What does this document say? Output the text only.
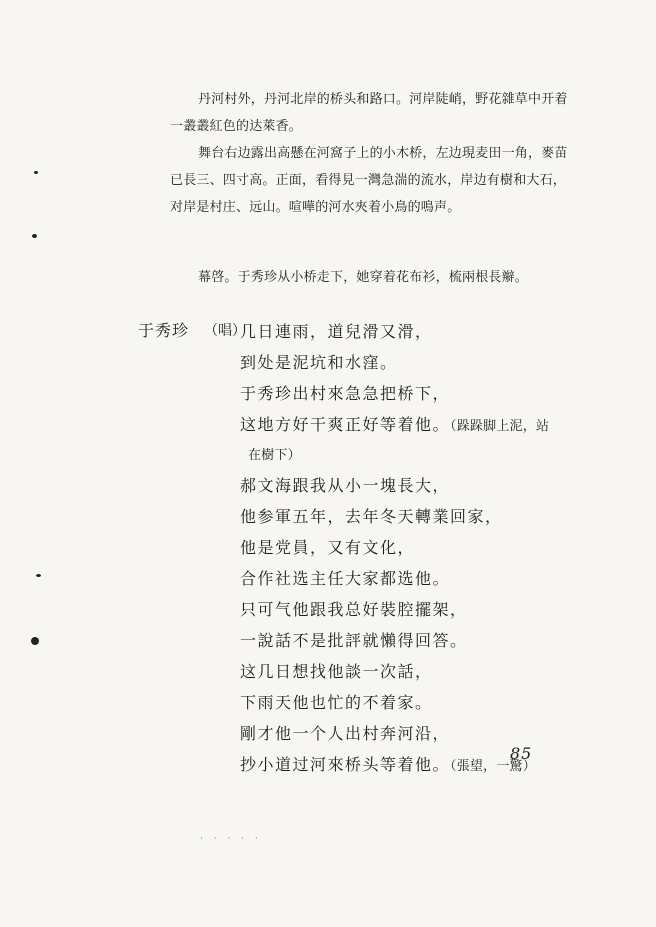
丹河村外，丹河北岸的桥头和路口。河岸陡峭，野花雜草中开着一叢叢紅色的达萊香。

舞台右边露出高懸在河窩子上的小木桥，左边現麦田一角，麥苗已長三、四寸高。正面，看得見一灣急湍的流水，岸边有樹和大石，对岸是村庄、远山。喧嘩的河水夾着小鳥的鳴声。

幕啓。于秀珍从小桥走下，她穿着花布衫，梳兩根長辮。

于秀珍 （唱）
几日連雨，道兒滑又滑，
到处是泥坑和水窪。
于秀珍出村來急急把桥下，
这地方好干爽正好等着他。（跺跺脚上泥，站
在樹下）
郝文海跟我从小一塊長大，
他参軍五年，去年冬天轉業回家，
他是党員，又有文化，
合作社选主任大家都选他。
只可气他跟我总好裝腔擺架，
一說話不是批評就懶得回答。
这几日想找他談一次話，
下雨天他也忙的不着家。
剛才他一个人出村奔河沿，
抄小道过河來桥头等着他。（張望，一驚）
85
· · · · ·
